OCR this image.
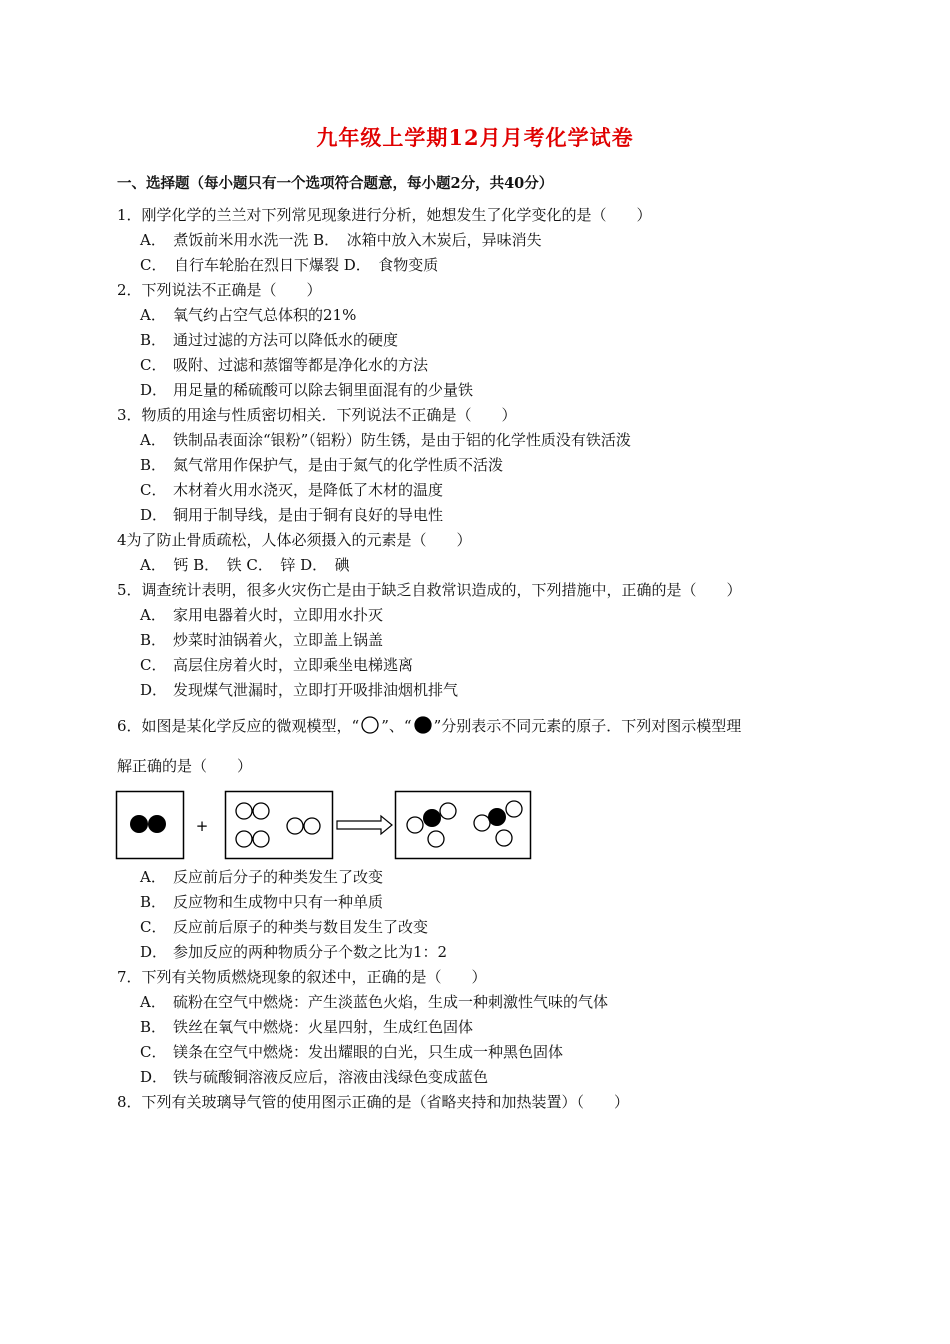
九年级上学期12月月考化学试卷
一、选择题（每小题只有一个选项符合题意，每小题2分，共40分）
1．刚学化学的兰兰对下列常见现象进行分析，她想发生了化学变化的是（　　）
A．　煮饭前米用水洗一洗 B．　冰箱中放入木炭后，异味消失
C．　自行车轮胎在烈日下爆裂 D．　食物变质
2．下列说法不正确是（　　）
A． 氧气约占空气总体积的21%
B． 通过过滤的方法可以降低水的硬度
C． 吸附、过滤和蒸馏等都是净化水的方法
D． 用足量的稀硫酸可以除去铜里面混有的少量铁
3．物质的用途与性质密切相关．下列说法不正确是（　　）
A． 铁制品表面涂“银粉”（铝粉）防生锈，是由于铝的化学性质没有铁活泼
B． 氮气常用作保护气，是由于氮气的化学性质不活泼
C． 木材着火用水浇灭，是降低了木材的温度
D． 铜用于制导线，是由于铜有良好的导电性
4为了防止骨质疏松，人体必须摄入的元素是（　　）
A．　钙 B．　铁 C．　锌 D．　碘
5．调查统计表明，很多火灾伤亡是由于缺乏自救常识造成的，下列措施中，正确的是（　　）
A． 家用电器着火时，立即用水扑灭
B． 炒菜时油锅着火，立即盖上锅盖
C． 高层住房着火时，立即乘坐电梯逃离
D． 发现煤气泄漏时，立即打开吸排油烟机排气
6．如图是某化学反应的微观模型，“ ”、“ ”分别表示不同元素的原子．下列对图示模型理
解正确的是（　　）
+
A． 反应前后分子的种类发生了改变
B． 反应物和生成物中只有一种单质
C． 反应前后原子的种类与数目发生了改变
D． 参加反应的两种物质分子个数之比为1：2
7．下列有关物质燃烧现象的叙述中，正确的是（　　）
A． 硫粉在空气中燃烧：产生淡蓝色火焰，生成一种刺激性气味的气体
B． 铁丝在氧气中燃烧：火星四射，生成红色固体
C． 镁条在空气中燃烧：发出耀眼的白光，只生成一种黑色固体
D． 铁与硫酸铜溶液反应后，溶液由浅绿色变成蓝色
8．下列有关玻璃导气管的使用图示正确的是（省略夹持和加热装置）（　　）
